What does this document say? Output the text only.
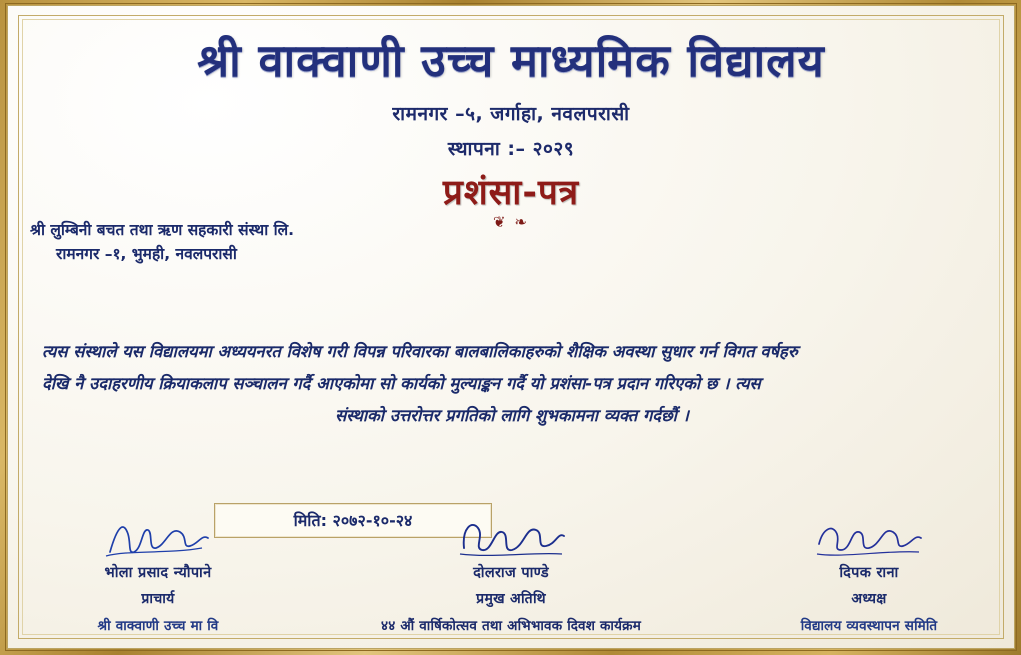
श्री वाक्वाणी उच्च माध्यमिक विद्यालय
रामनगर –५, जर्गाहा, नवलपरासी
स्थापना :– २०२९
प्रशंसा-पत्र
❦ ❧
श्री लुम्बिनी बचत तथा ऋण सहकारी संस्था लि.
रामनगर –१, भुमही, नवलपरासी
त्यस संस्थाले यस विद्यालयमा अध्ययनरत विशेष गरी विपन्न परिवारका बालबालिकाहरुको शैक्षिक अवस्था सुधार गर्न विगत वर्षहरु
देखि नै उदाहरणीय क्रियाकलाप सञ्चालन गर्दै आएकोमा सो कार्यको मुल्याङ्कन गर्दै यो प्रशंसा-पत्र प्रदान गरिएको छ । त्यस
संस्थाको उत्तरोत्तर प्रगतिको लागि शुभकामना व्यक्त गर्दछौं ।
मिति: २०७२-१०-२४
भोला प्रसाद न्यौपाने
प्राचार्य
श्री वाक्वाणी उच्च मा वि
दोलराज पाण्डे
प्रमुख अतिथि
४४ औं वार्षिकोत्सव तथा अभिभावक दिवश कार्यक्रम
दिपक राना
अध्यक्ष
विद्यालय व्यवस्थापन समिति
